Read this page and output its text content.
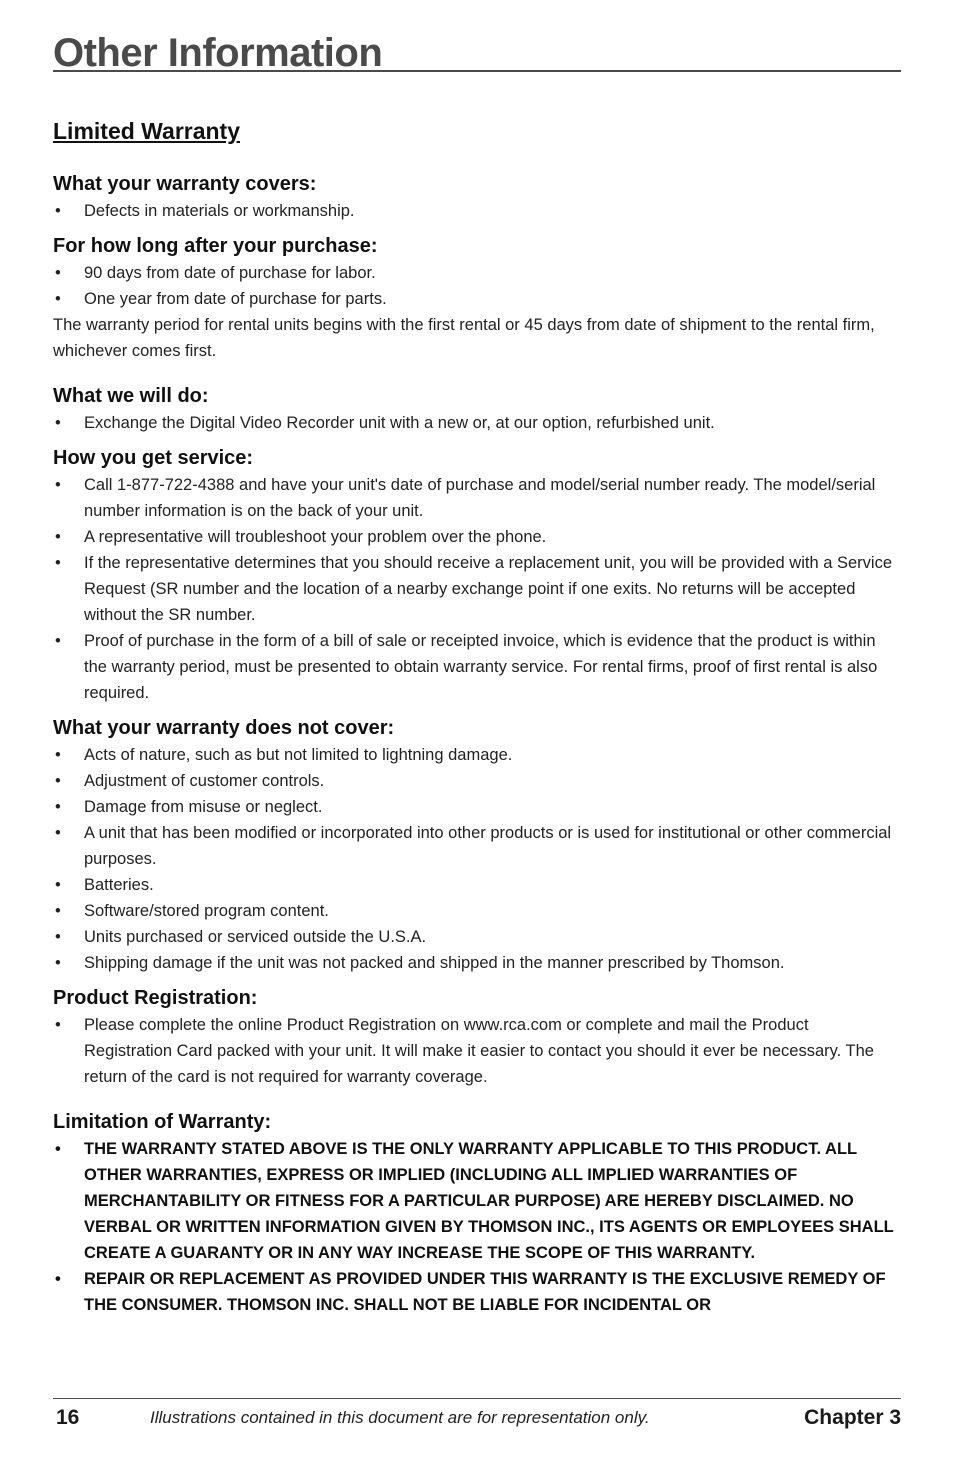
Other Information
Limited Warranty
What your warranty covers:
• Defects in materials or workmanship.
For how long after your purchase:
• 90 days from date of purchase for labor.
• One year from date of purchase for parts.

The warranty period for rental units begins with the first rental or 45 days from date of shipment to the rental firm, whichever comes first.

What we will do:
• Exchange the Digital Video Recorder unit with a new or, at our option, refurbished unit.
How you get service:
• Call 1-877-722-4388 and have your unit's date of purchase and model/serial number ready. The model/serial number information is on the back of your unit.
• A representative will troubleshoot your problem over the phone.
• If the representative determines that you should receive a replacement unit, you will be provided with a Service Request (SR number and the location of a nearby exchange point if one exits. No returns will be accepted without the SR number.
• Proof of purchase in the form of a bill of sale or receipted invoice, which is evidence that the product is within the warranty period, must be presented to obtain warranty service. For rental firms, proof of first rental is also required.
What your warranty does not cover:
• Acts of nature, such as but not limited to lightning damage.
• Adjustment of customer controls.
• Damage from misuse or neglect.
• A unit that has been modified or incorporated into other products or is used for institutional or other commercial purposes.
• Batteries.
• Software/stored program content.
• Units purchased or serviced outside the U.S.A.
• Shipping damage if the unit was not packed and shipped in the manner prescribed by Thomson.
Product Registration:
• Please complete the online Product Registration on www.rca.com or complete and mail the Product Registration Card packed with your unit. It will make it easier to contact you should it ever be necessary. The return of the card is not required for warranty coverage.
Limitation of Warranty:
• THE WARRANTY STATED ABOVE IS THE ONLY WARRANTY APPLICABLE TO THIS PRODUCT. ALL OTHER WARRANTIES, EXPRESS OR IMPLIED (INCLUDING ALL IMPLIED WARRANTIES OF MERCHANTABILITY OR FITNESS FOR A PARTICULAR PURPOSE) ARE HEREBY DISCLAIMED. NO VERBAL OR WRITTEN INFORMATION GIVEN BY THOMSON INC., ITS AGENTS OR EMPLOYEES SHALL CREATE A GUARANTY OR IN ANY WAY INCREASE THE SCOPE OF THIS WARRANTY.
• REPAIR OR REPLACEMENT AS PROVIDED UNDER THIS WARRANTY IS THE EXCLUSIVE REMEDY OF THE CONSUMER. THOMSON INC. SHALL NOT BE LIABLE FOR INCIDENTAL OR
16	Illustrations contained in this document are for representation only.	Chapter 3
